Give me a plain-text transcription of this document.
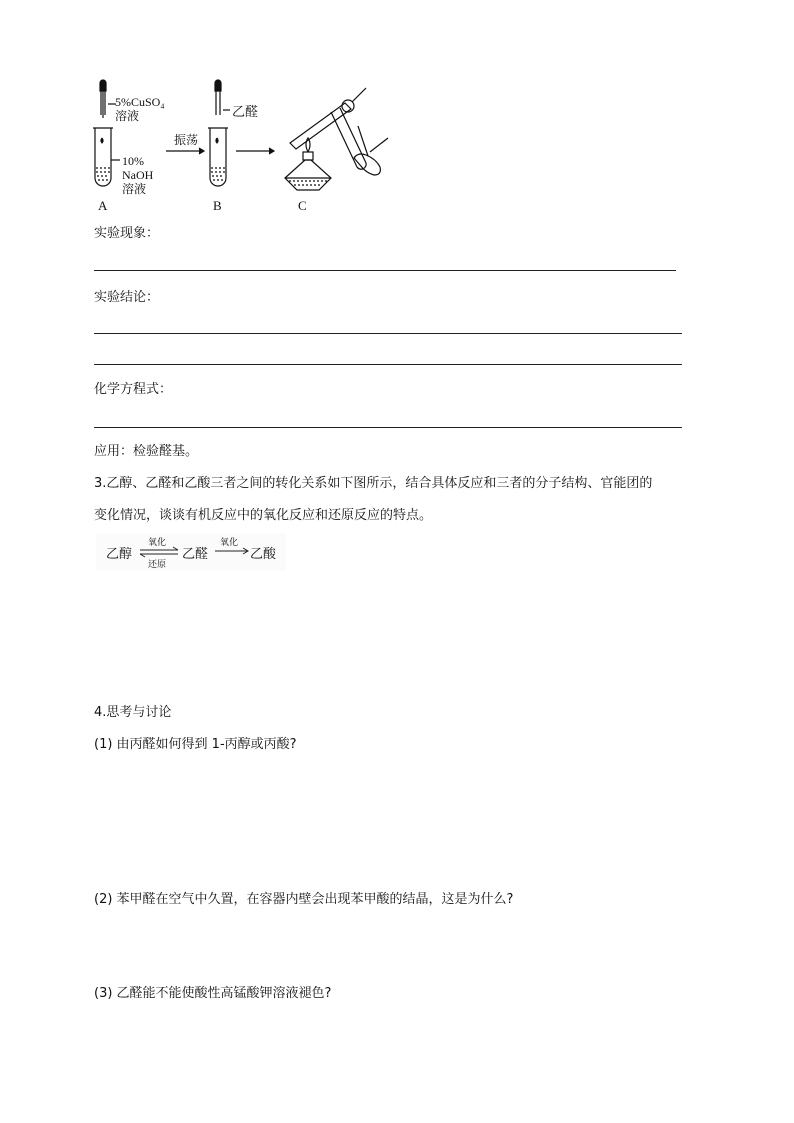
5%CuSO₄
溶液
10%
NaOH
溶液
振荡
乙醛
A	B	C
实验现象：
实验结论：
化学方程式：
应用：检验醛基。
3.乙醇、乙醛和乙酸三者之间的转化关系如下图所示，结合具体反应和三者的分子结构、官能团的
变化情况，谈谈有机反应中的氧化反应和还原反应的特点。
乙醇
氧化
还原
⇌ 乙醛
氧化
乙酸
4.思考与讨论
(1) 由丙醛如何得到 1-丙醇或丙酸?
(2) 苯甲醛在空气中久置，在容器内壁会出现苯甲酸的结晶，这是为什么?
(3) 乙醛能不能使酸性高锰酸钾溶液褪色?
